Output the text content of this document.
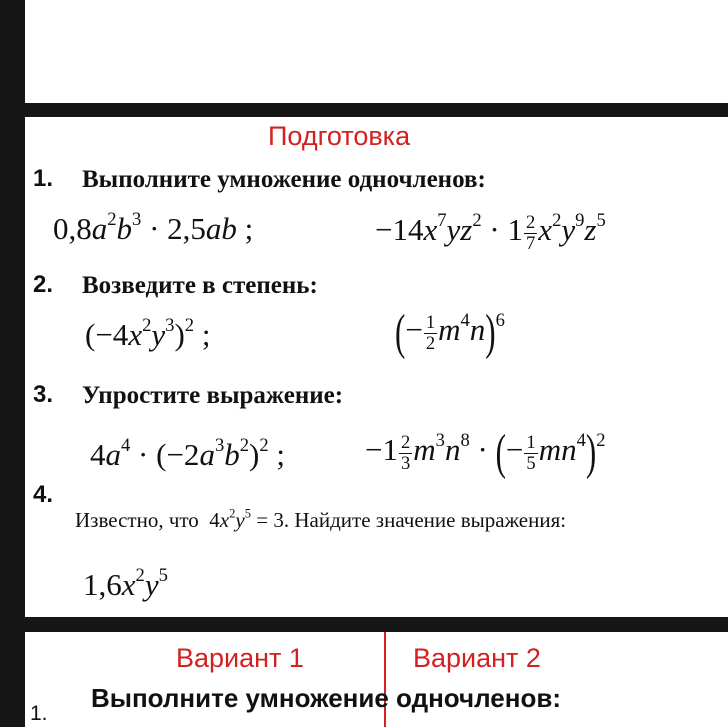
Подготовка
1. Выполните умножение одночленов:
$0,8a^2b^3 \cdot 2,5ab$ ;	$-14x^7yz^2 \cdot 1 \frac{2}{7} x^2y^9z^5$
2. Возведите в степень:
$(-4x^2y^3)^2$ ;	(− $\frac{1}{2} m^4n)^6$
3. Упростите выражение:
$4a^4 \cdot (-2a^3b^2)^2$ ;	$-1 \frac{2}{3} m^3n^8$ · (− $\frac{1}{5} mn^4)^2$
4.
Известно, что $4x^2y^5 = 3$. Найдите значение выражения:
$1,6x^2y^5$
Вариант 1	Вариант 2
1.
Выполните умножение одночленов:
